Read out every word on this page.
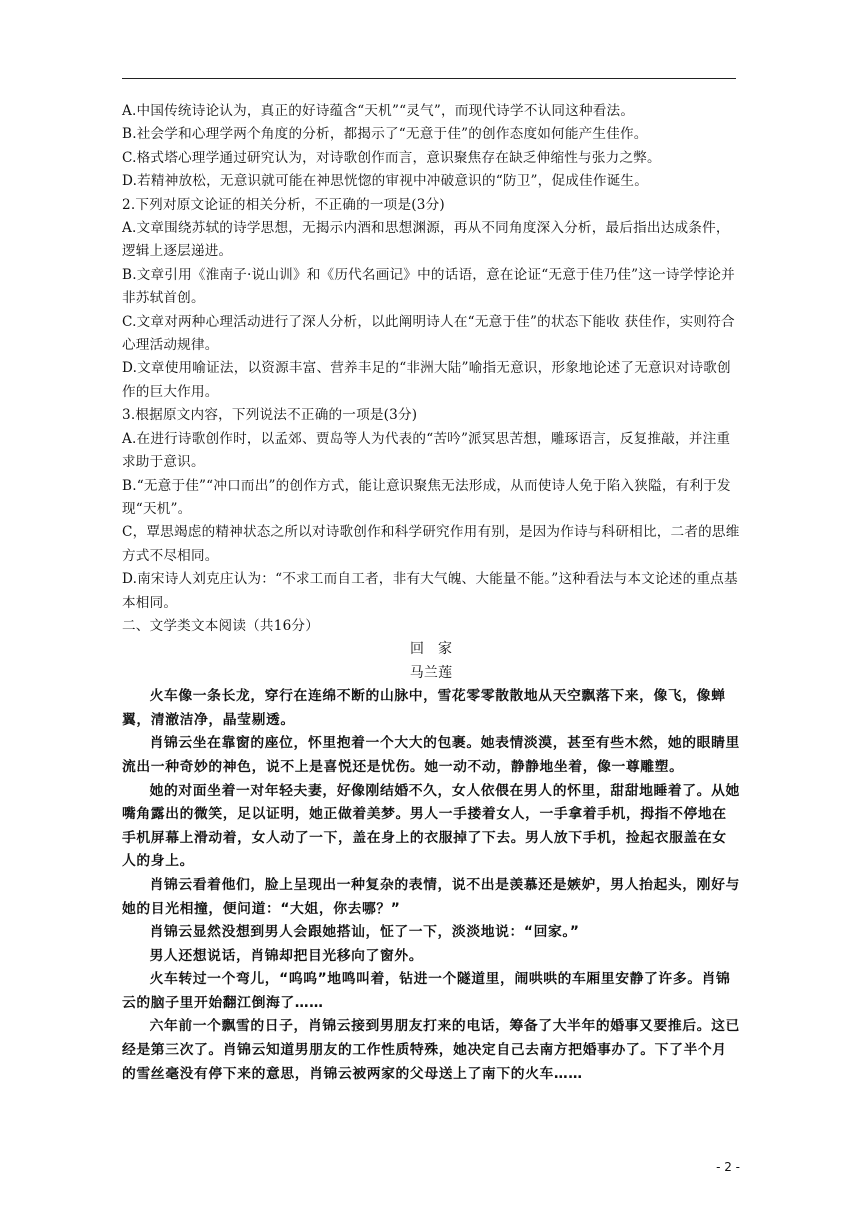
A.中国传统诗论认为，真正的好诗蕴含“天机”“灵气”，而现代诗学不认同这种看法。

B.社会学和心理学两个角度的分析，都揭示了“无意于佳”的创作态度如何能产生佳作。

C.格式塔心理学通过研究认为，对诗歌创作而言，意识聚焦存在缺乏伸缩性与张力之弊。

D.若精神放松，无意识就可能在神思恍惚的审视中冲破意识的“防卫”，促成佳作诞生。

2.下列对原文论证的相关分析，不正确的一项是(3分)

A.文章围绕苏轼的诗学思想，无揭示内酒和思想渊源，再从不同角度深入分析，最后指出达成条件，逻辑上逐层递进。

B.文章引用《淮南子·说山训》和《历代名画记》中的话语，意在论证“无意于佳乃佳”这一诗学悖论并非苏轼首创。

C.文章对两种心理活动进行了深人分析，以此阐明诗人在“无意于佳”的状态下能收 获佳作，实则符合心理活动规律。

D.文章使用喻证法，以资源丰富、营养丰足的“非洲大陆”喻指无意识，形象地论述了无意识对诗歌创作的巨大作用。

3.根据原文内容，下列说法不正确的一项是(3分)

A.在进行诗歌创作时，以孟郊、贾岛等人为代表的“苦吟”派冥思苦想，雕琢语言，反复推敲，并注重求助于意识。

B.“无意于佳”“冲口而出”的创作方式，能让意识聚焦无法形成，从而使诗人免于陷入狭隘，有利于发现“天机”。

C，覃思竭虑的精神状态之所以对诗歌创作和科学研究作用有别，是因为作诗与科研相比，二者的思维方式不尽相同。

D.南宋诗人刘克庄认为：“不求工而自工者，非有大气魄、大能量不能。”这种看法与本文论述的重点基本相同。

二、文学类文本阅读（共16分）

回家

马兰莲

火车像一条长龙，穿行在连绵不断的山脉中，雪花零零散散地从天空飘落下来，像飞，像蝉翼，清澈洁净，晶莹剔透。

肖锦云坐在靠窗的座位，怀里抱着一个大大的包裹。她表情淡漠，甚至有些木然，她的眼睛里流出一种奇妙的神色，说不上是喜悦还是忧伤。她一动不动，静静地坐着，像一尊雕塑。

她的对面坐着一对年轻夫妻，好像刚结婚不久，女人依偎在男人的怀里，甜甜地睡着了。从她嘴角露出的微笑，足以证明，她正做着美梦。男人一手搂着女人，一手拿着手机，拇指不停地在手机屏幕上滑动着，女人动了一下，盖在身上的衣服掉了下去。男人放下手机，捡起衣服盖在女人的身上。

肖锦云看着他们，脸上呈现出一种复杂的表情，说不出是羡慕还是嫉妒，男人抬起头，刚好与她的目光相撞，便问道：“大姐，你去哪？”

肖锦云显然没想到男人会跟她搭讪，怔了一下，淡淡地说：“回家。”

男人还想说话，肖锦却把目光移向了窗外。

火车转过一个弯儿，“呜呜”地鸣叫着，钻进一个隧道里，闹哄哄的车厢里安静了许多。肖锦云的脑子里开始翻江倒海了……

六年前一个飘雪的日子，肖锦云接到男朋友打来的电话，筹备了大半年的婚事又要推后。这已经是第三次了。肖锦云知道男朋友的工作性质特殊，她决定自己去南方把婚事办了。下了半个月的雪丝毫没有停下来的意思，肖锦云被两家的父母送上了南下的火车……

- 2 -
